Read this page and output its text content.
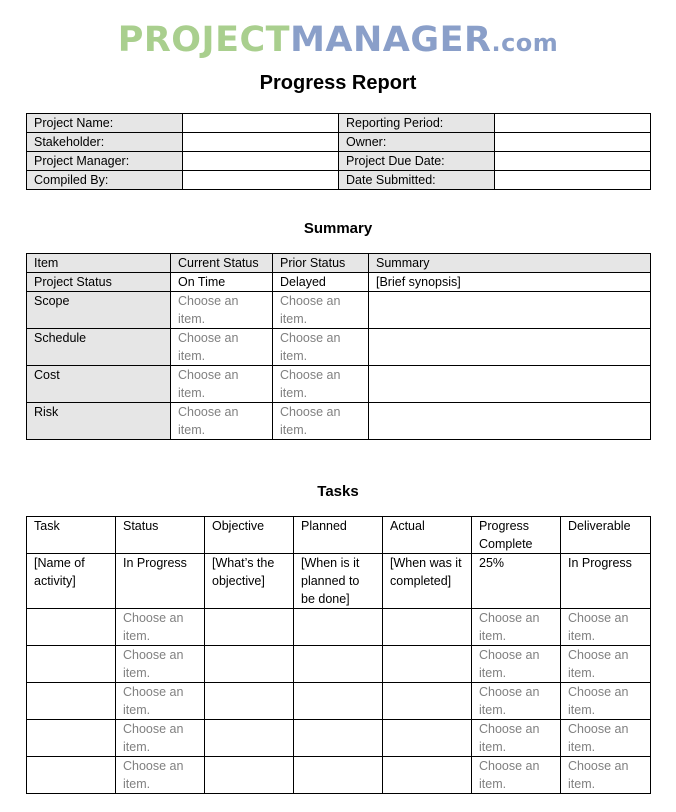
PROJECTMANAGER.com
Progress Report
Project Name:		Reporting Period:	
Stakeholder:		Owner:	
Project Manager:		Project Due Date:	
Compiled By:		Date Submitted:	
Summary
Item	Current Status	Prior Status	Summary
Project Status	On Time	Delayed	[Brief synopsis]
Scope	Choose an item.	Choose an item.	
Schedule	Choose an item.	Choose an item.	
Cost	Choose an item.	Choose an item.	
Risk	Choose an item.	Choose an item.	
Tasks
Task	Status	Objective	Planned	Actual	Progress Complete	Deliverable
[Name of activity]	In Progress	[What’s the objective]	[When is it planned to be done]	[When was it completed]	25%	In Progress
	Choose an item.				Choose an item.	Choose an item.
	Choose an item.				Choose an item.	Choose an item.
	Choose an item.				Choose an item.	Choose an item.
	Choose an item.				Choose an item.	Choose an item.
	Choose an item.				Choose an item.	Choose an item.
